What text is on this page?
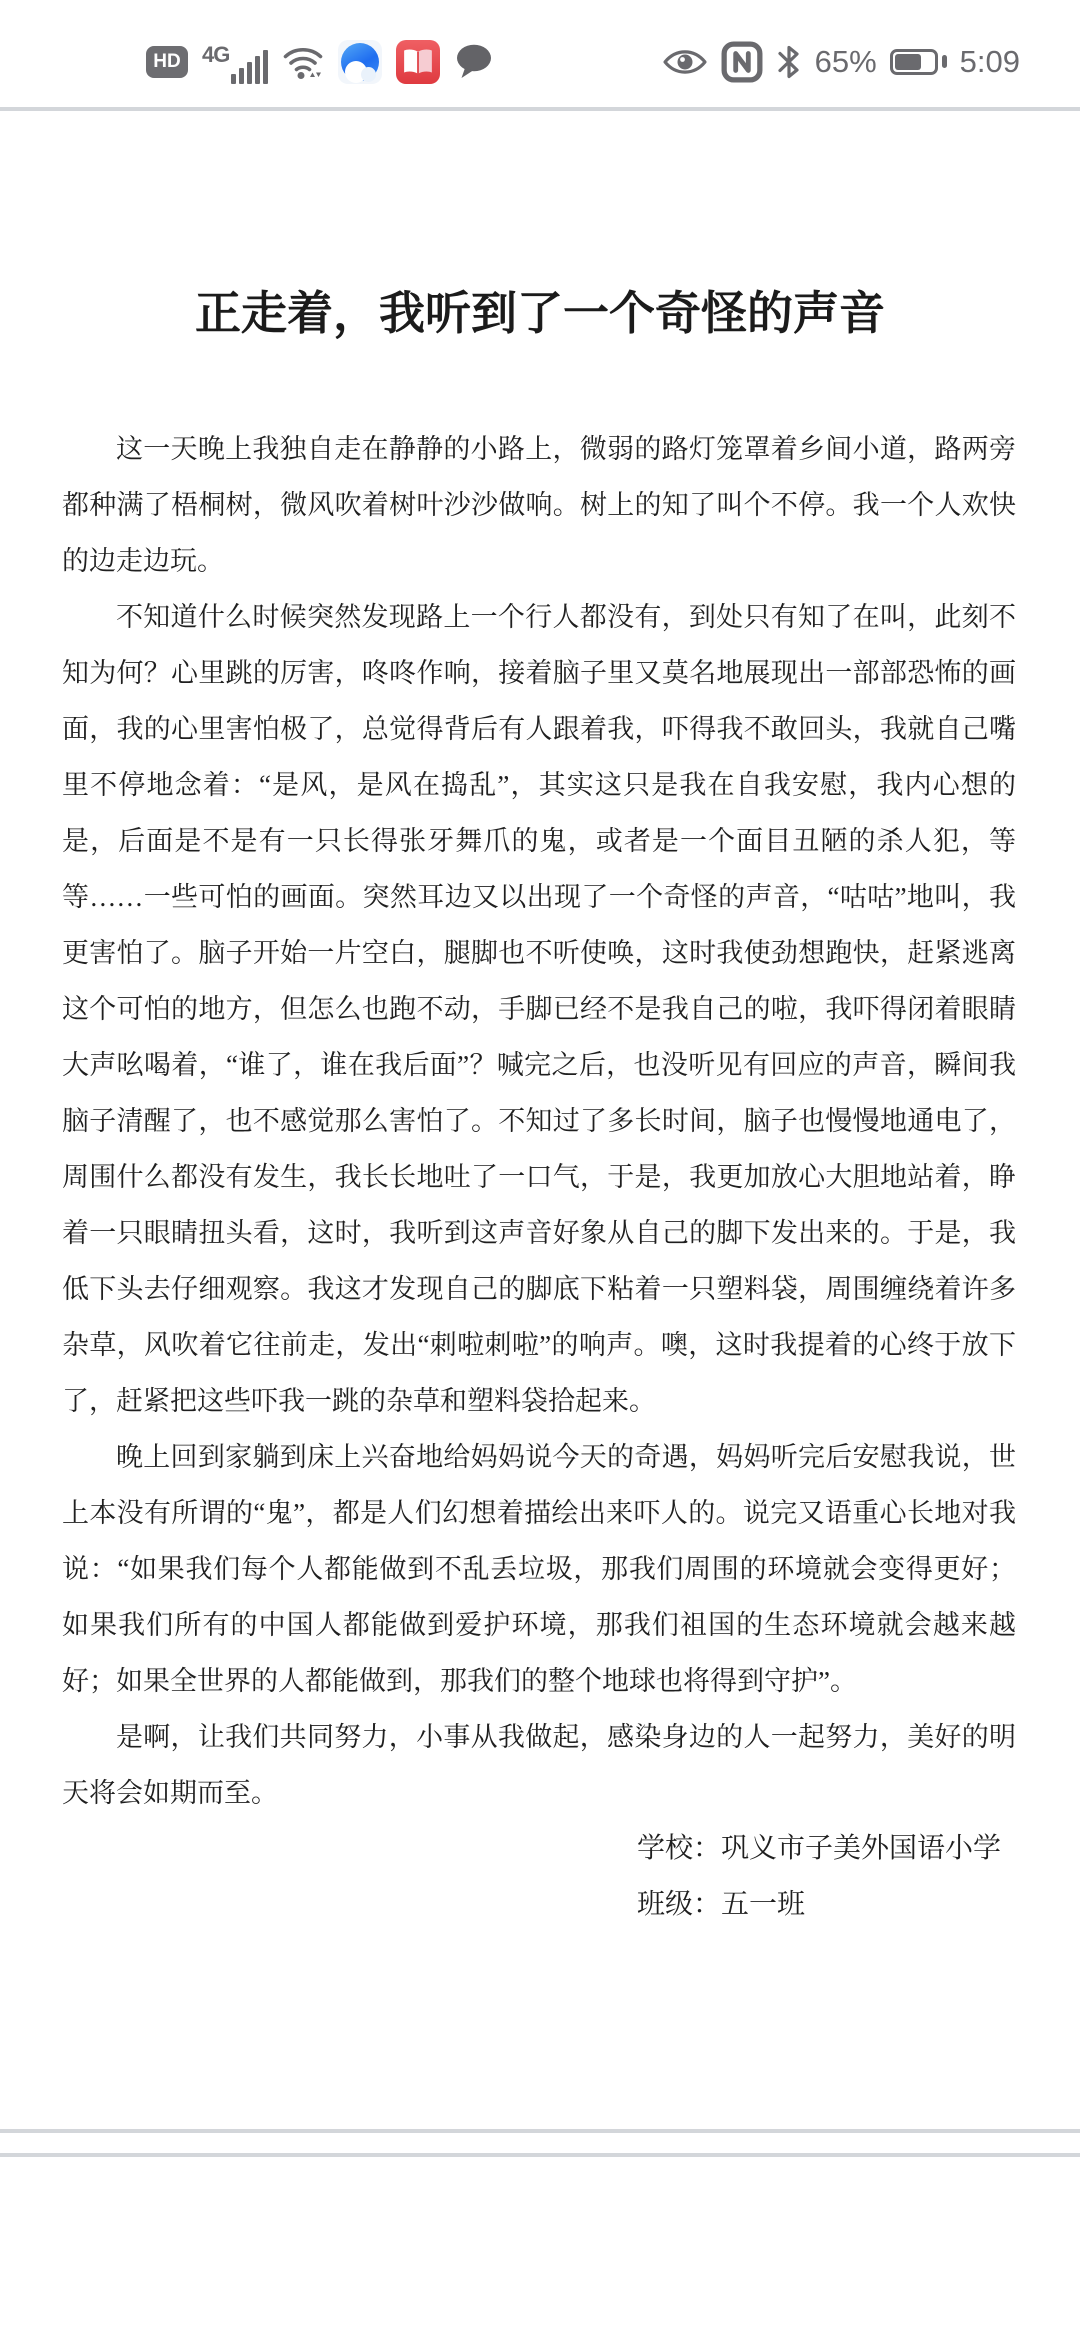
HD 4G	65%	5:09
正走着，我听到了一个奇怪的声音

这一天晚上我独自走在静静的小路上，微弱的路灯笼罩着乡间小道，路两旁都种满了梧桐树，微风吹着树叶沙沙做响。树上的知了叫个不停。我一个人欢快的边走边玩。

不知道什么时候突然发现路上一个行人都没有，到处只有知了在叫，此刻不知为何？心里跳的厉害，咚咚作响，接着脑子里又莫名地展现出一部部恐怖的画面，我的心里害怕极了，总觉得背后有人跟着我，吓得我不敢回头，我就自己嘴里不停地念着：“是风，是风在捣乱”，其实这只是我在自我安慰，我内心想的是，后面是不是有一只长得张牙舞爪的鬼，或者是一个面目丑陋的杀人犯，等等……一些可怕的画面。突然耳边又以出现了一个奇怪的声音，“咕咕”地叫，我更害怕了。脑子开始一片空白，腿脚也不听使唤，这时我使劲想跑快，赶紧逃离这个可怕的地方，但怎么也跑不动，手脚已经不是我自己的啦，我吓得闭着眼睛大声吆喝着，“谁了，谁在我后面”？喊完之后，也没听见有回应的声音，瞬间我脑子清醒了，也不感觉那么害怕了。不知过了多长时间，脑子也慢慢地通电了，周围什么都没有发生，我长长地吐了一口气，于是，我更加放心大胆地站着，睁着一只眼睛扭头看，这时，我听到这声音好象从自己的脚下发出来的。于是，我低下头去仔细观察。我这才发现自己的脚底下粘着一只塑料袋，周围缠绕着许多杂草，风吹着它往前走，发出“刺啦刺啦”的响声。噢，这时我提着的心终于放下了，赶紧把这些吓我一跳的杂草和塑料袋拾起来。

晚上回到家躺到床上兴奋地给妈妈说今天的奇遇，妈妈听完后安慰我说，世上本没有所谓的“鬼”，都是人们幻想着描绘出来吓人的。说完又语重心长地对我说：“如果我们每个人都能做到不乱丢垃圾，那我们周围的环境就会变得更好；如果我们所有的中国人都能做到爱护环境，那我们祖国的生态环境就会越来越好；如果全世界的人都能做到，那我们的整个地球也将得到守护”。

是啊，让我们共同努力，小事从我做起，感染身边的人一起努力，美好的明天将会如期而至。

学校：巩义市子美外国语小学
班级：五一班
